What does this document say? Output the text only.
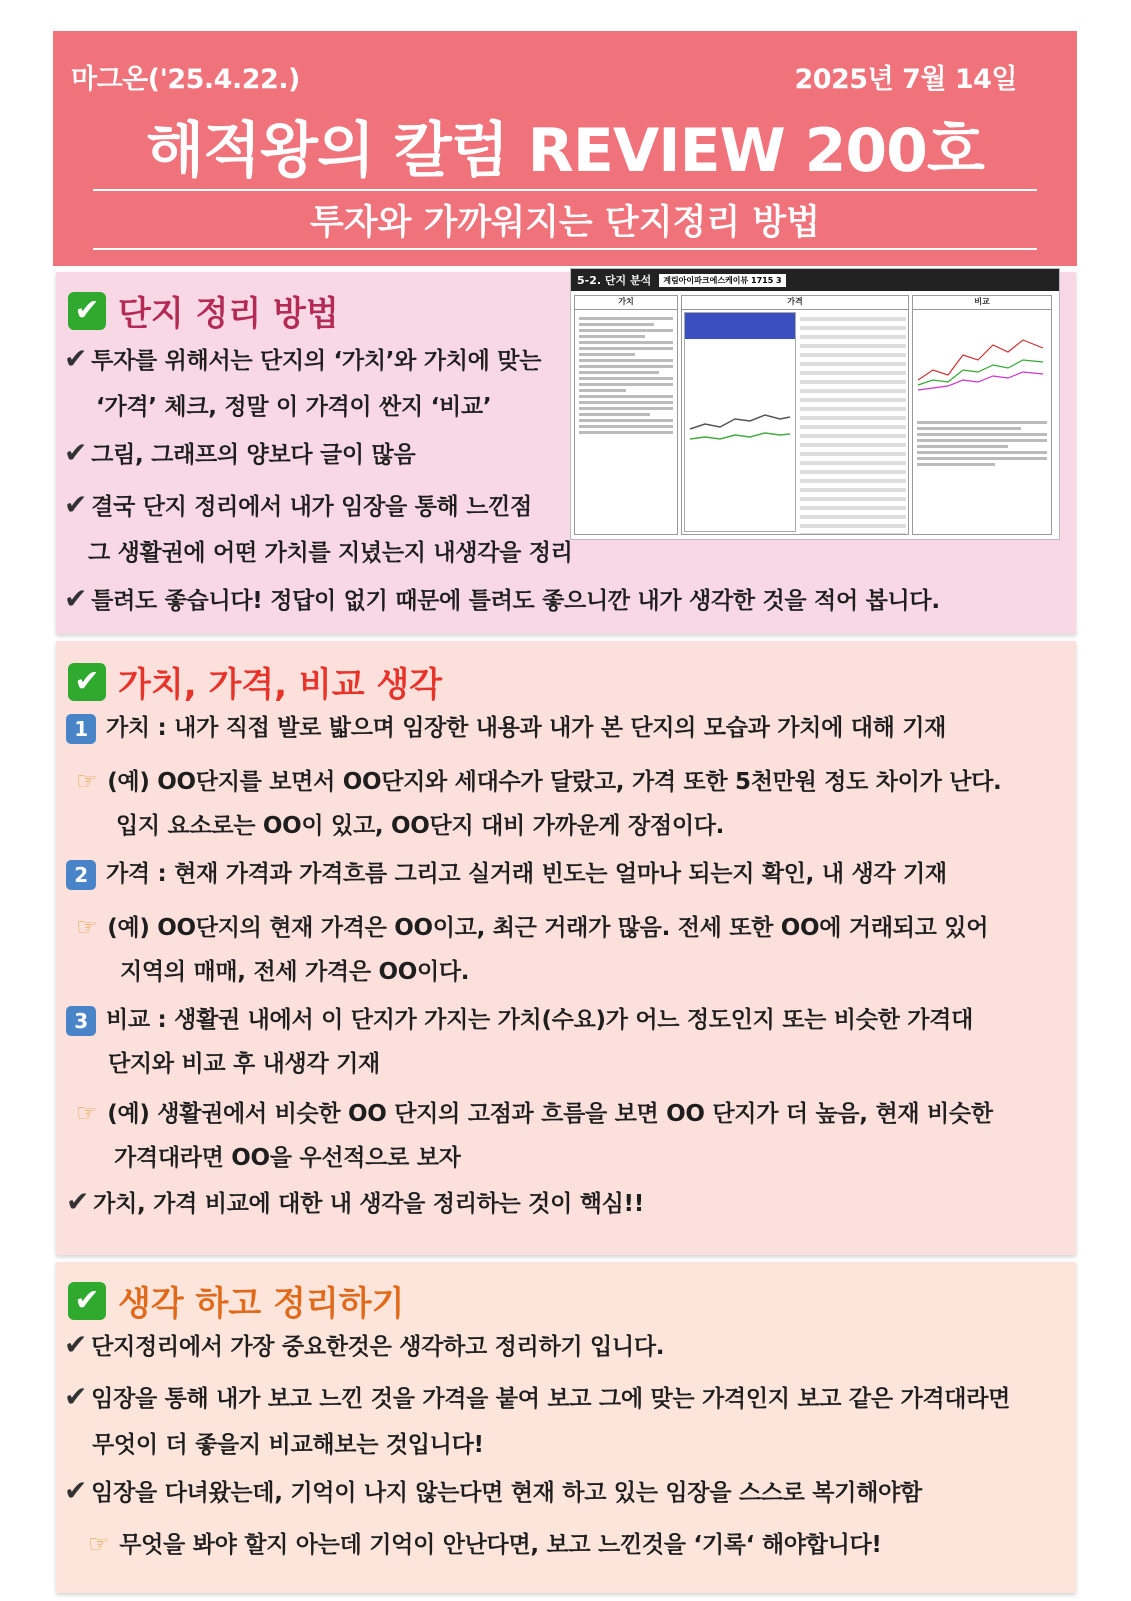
마그온('25.4.22.)	2025년 7월 14일
해적왕의 칼럼 REVIEW 200호
투자와 가까워지는 단지정리 방법
✔ 단지 정리 방법
✔ 투자를 위해서는 단지의 ‘가치’와 가치에 맞는
‘가격’ 체크, 정말 이 가격이 싼지 ‘비교’
✔ 그림, 그래프의 양보다 글이 많음
✔ 결국 단지 정리에서 내가 임장을 통해 느낀점
그 생활권에 어떤 가치를 지녔는지 내생각을 정리
✔ 틀려도 좋습니다! 정답이 없기 때문에 틀려도 좋으니깐 내가 생각한 것을 적어 봅니다.
5-2. 단지 분석	계림아이파크에스케이뷰 1715 3
가치	가격	비교
✔ 가치, 가격, 비교 생각
1 가치 : 내가 직접 발로 밟으며 임장한 내용과 내가 본 단지의 모습과 가치에 대해 기재
☞ (예) OO단지를 보면서 OO단지와 세대수가 달랐고, 가격 또한 5천만원 정도 차이가 난다.
입지 요소로는 OO이 있고, OO단지 대비 가까운게 장점이다.
2 가격 : 현재 가격과 가격흐름 그리고 실거래 빈도는 얼마나 되는지 확인, 내 생각 기재
☞ (예) OO단지의 현재 가격은 OO이고, 최근 거래가 많음. 전세 또한 OO에 거래되고 있어
지역의 매매, 전세 가격은 OO이다.
3 비교 : 생활권 내에서 이 단지가 가지는 가치(수요)가 어느 정도인지 또는 비슷한 가격대
단지와 비교 후 내생각 기재
☞ (예) 생활권에서 비슷한 OO 단지의 고점과 흐름을 보면 OO 단지가 더 높음, 현재 비슷한
가격대라면 OO을 우선적으로 보자
✔ 가치, 가격 비교에 대한 내 생각을 정리하는 것이 핵심!!
✔ 생각 하고 정리하기
✔ 단지정리에서 가장 중요한것은 생각하고 정리하기 입니다.
✔ 임장을 통해 내가 보고 느낀 것을 가격을 붙여 보고 그에 맞는 가격인지 보고 같은 가격대라면
무엇이 더 좋을지 비교해보는 것입니다!
✔ 임장을 다녀왔는데, 기억이 나지 않는다면 현재 하고 있는 임장을 스스로 복기해야함
☞ 무엇을 봐야 할지 아는데 기억이 안난다면, 보고 느낀것을 ‘기록‘ 해야합니다!
